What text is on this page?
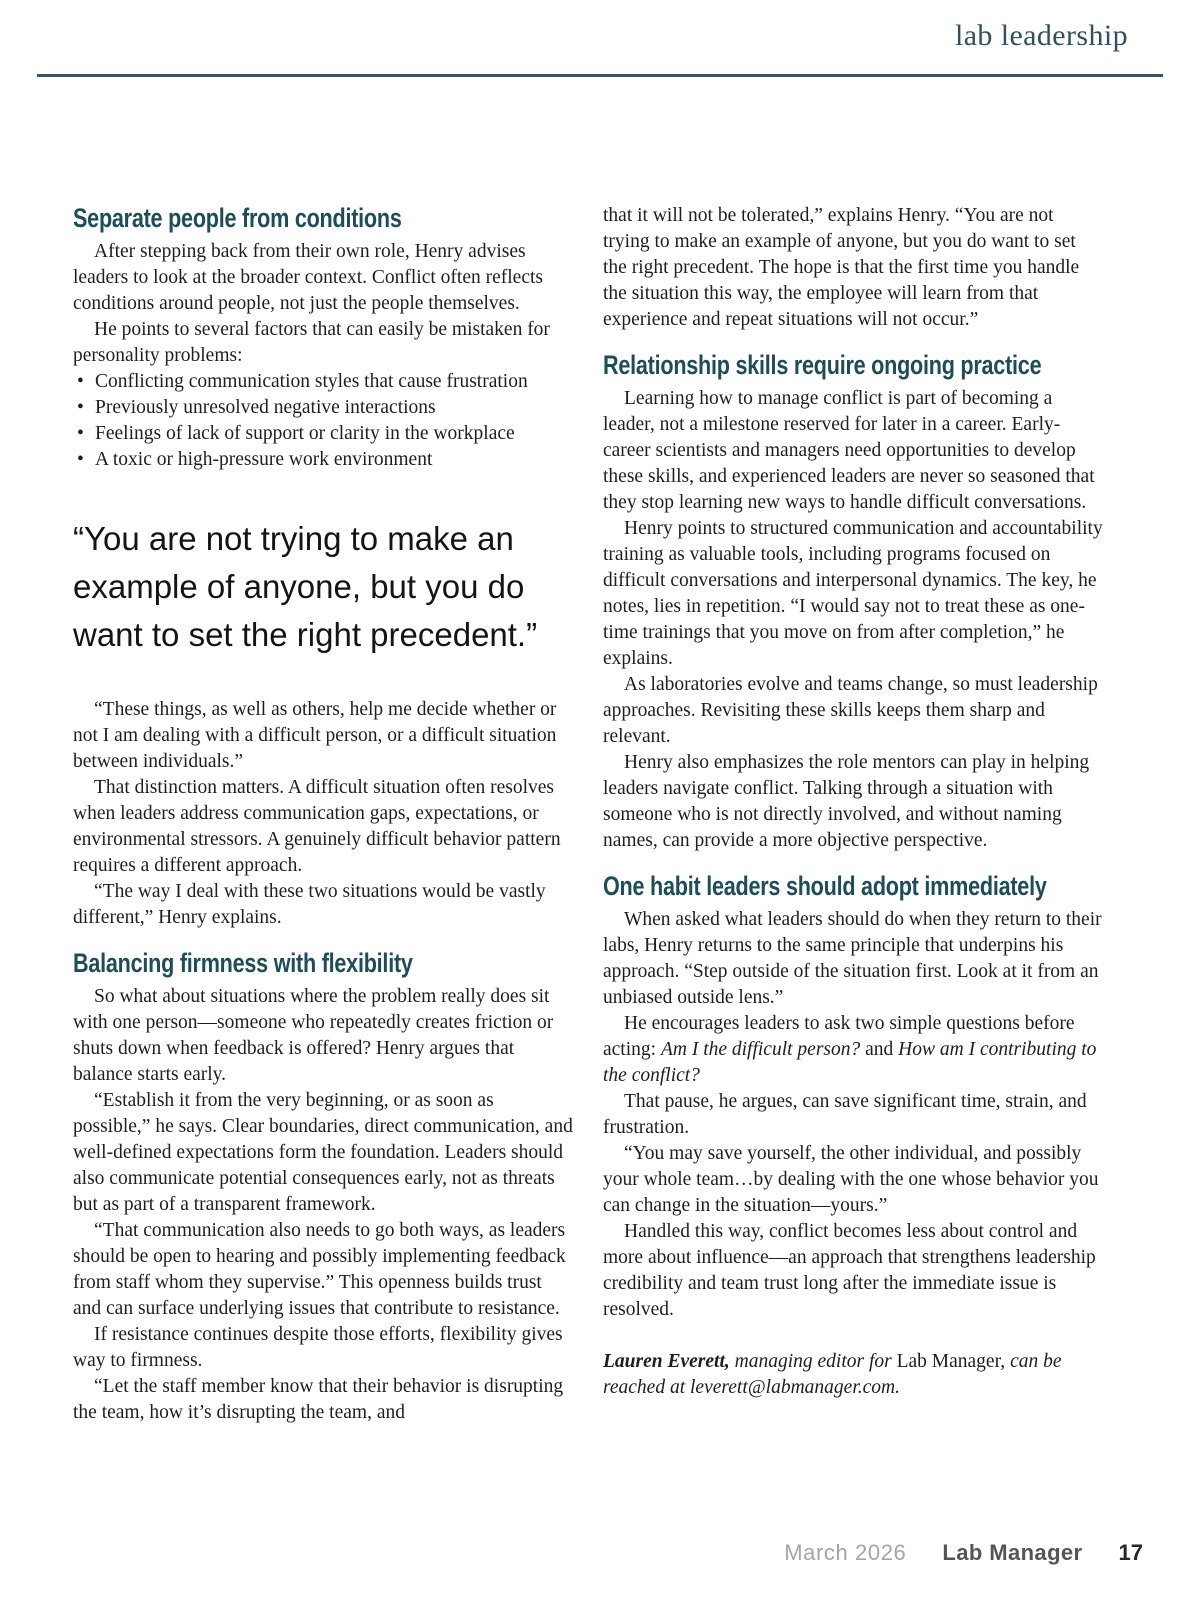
lab leadership
Separate people from conditions

After stepping back from their own role, Henry advises leaders to look at the broader context. Conflict often reflects conditions around people, not just the people themselves.

He points to several factors that can easily be mistaken for personality problems:

• Conflicting communication styles that cause frustration
• Previously unresolved negative interactions
• Feelings of lack of support or clarity in the workplace
• A toxic or high-pressure work environment
“You are not trying to make an example of anyone, but you do want to set the right precedent.”

“These things, as well as others, help me decide whether or not I am dealing with a difficult person, or a difficult situation between individuals.”

That distinction matters. A difficult situation often resolves when leaders address communication gaps, expectations, or environmental stressors. A genuinely difficult behavior pattern requires a different approach.

“The way I deal with these two situations would be vastly different,” Henry explains.

Balancing firmness with flexibility

So what about situations where the problem really does sit with one person—someone who repeatedly creates friction or shuts down when feedback is offered? Henry argues that balance starts early.

“Establish it from the very beginning, or as soon as possible,” he says. Clear boundaries, direct communication, and well-defined expectations form the foundation. Leaders should also communicate potential consequences early, not as threats but as part of a transparent framework.

“That communication also needs to go both ways, as leaders should be open to hearing and possibly implementing feedback from staff whom they supervise.” This openness builds trust and can surface underlying issues that contribute to resistance.

If resistance continues despite those efforts, flexibility gives way to firmness.

“Let the staff member know that their behavior is disrupting the team, how it’s disrupting the team, and

that it will not be tolerated,” explains Henry. “You are not trying to make an example of anyone, but you do want to set the right precedent. The hope is that the first time you handle the situation this way, the employee will learn from that experience and repeat situations will not occur.”

Relationship skills require ongoing practice

Learning how to manage conflict is part of becoming a leader, not a milestone reserved for later in a career. Early-career scientists and managers need opportunities to develop these skills, and experienced leaders are never so seasoned that they stop learning new ways to handle difficult conversations.

Henry points to structured communication and accountability training as valuable tools, including programs focused on difficult conversations and interpersonal dynamics. The key, he notes, lies in repetition. “I would say not to treat these as one-time trainings that you move on from after completion,” he explains.

As laboratories evolve and teams change, so must leadership approaches. Revisiting these skills keeps them sharp and relevant.

Henry also emphasizes the role mentors can play in helping leaders navigate conflict. Talking through a situation with someone who is not directly involved, and without naming names, can provide a more objective perspective.

One habit leaders should adopt immediately

When asked what leaders should do when they return to their labs, Henry returns to the same principle that underpins his approach. “Step outside of the situation first. Look at it from an unbiased outside lens.”

He encourages leaders to ask two simple questions before acting: Am I the difficult person? and How am I contributing to the conflict?

That pause, he argues, can save significant time, strain, and frustration.

“You may save yourself, the other individual, and possibly your whole team…by dealing with the one whose behavior you can change in the situation—yours.”

Handled this way, conflict becomes less about control and more about influence—an approach that strengthens leadership credibility and team trust long after the immediate issue is resolved.

Lauren Everett, managing editor for Lab Manager, can be reached at leverett@labmanager.com.

March 2026 Lab Manager 17
